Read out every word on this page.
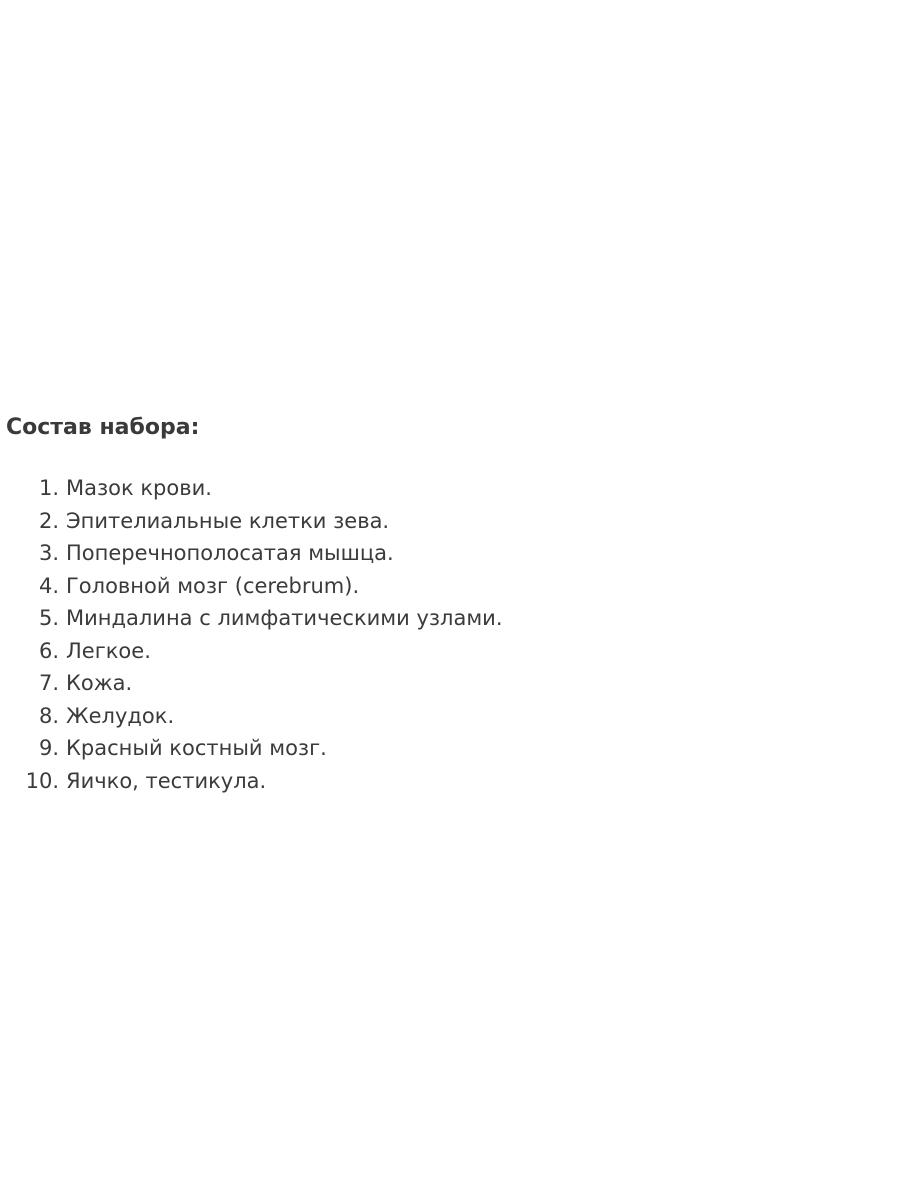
Состав набора:
1. Мазок крови.
2. Эпителиальные клетки зева.
3. Поперечнополосатая мышца.
4. Головной мозг (cerebrum).
5. Миндалина с лимфатическими узлами.
6. Легкое.
7. Кожа.
8. Желудок.
9. Красный костный мозг.
10. Яичко, тестикула.
